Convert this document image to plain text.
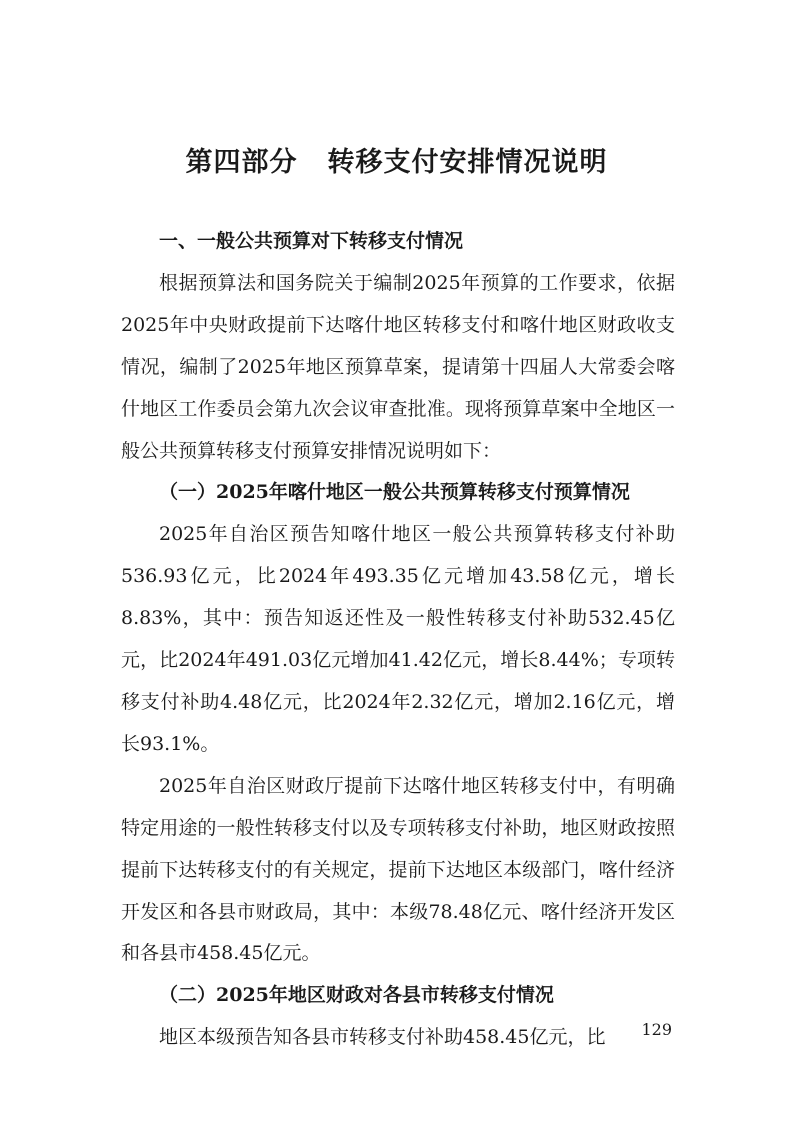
第四部分 转移支付安排情况说明

一、一般公共预算对下转移支付情况

根据预算法和国务院关于编制2025年预算的工作要求，依据2025年中央财政提前下达喀什地区转移支付和喀什地区财政收支情况，编制了2025年地区预算草案，提请第十四届人大常委会喀什地区工作委员会第九次会议审查批准。现将预算草案中全地区一般公共预算转移支付预算安排情况说明如下：

（一）2025年喀什地区一般公共预算转移支付预算情况

2025年自治区预告知喀什地区一般公共预算转移支付补助536.93亿元，比2024年493.35亿元增加43.58亿元，增长8.83%，其中：预告知返还性及一般性转移支付补助532.45亿元，比2024年491.03亿元增加41.42亿元，增长8.44%；专项转移支付补助4.48亿元，比2024年2.32亿元，增加2.16亿元，增长93.1%。

2025年自治区财政厅提前下达喀什地区转移支付中，有明确特定用途的一般性转移支付以及专项转移支付补助，地区财政按照提前下达转移支付的有关规定，提前下达地区本级部门，喀什经济开发区和各县市财政局，其中：本级78.48亿元、喀什经济开发区和各县市458.45亿元。

（二）2025年地区财政对各县市转移支付情况

地区本级预告知各县市转移支付补助458.45亿元，比	129
